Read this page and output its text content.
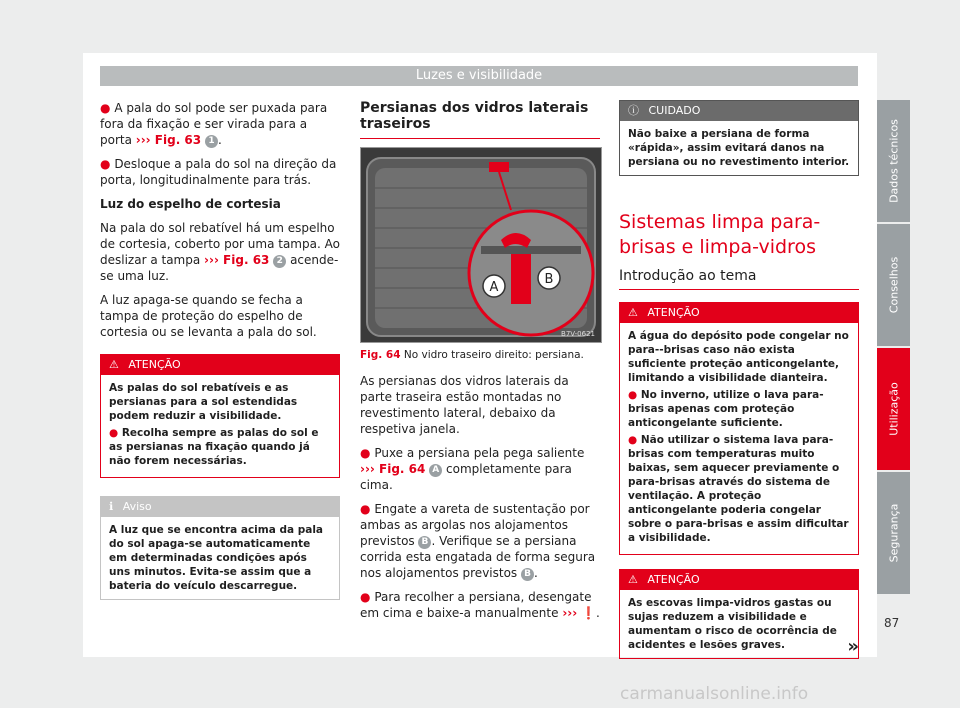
Luzes e visibilidade

● A pala do sol pode ser puxada para fora da fixação e ser virada para a porta ››› Fig. 63 1 .

● Desloque a pala do sol na direção da porta, longitudinalmente para trás.

Luz do espelho de cortesia

Na pala do sol rebatível há um espelho de cortesia, coberto por uma tampa. Ao deslizar a tampa ››› Fig. 63 2 acende-se uma luz.

A luz apaga-se quando se fecha a tampa de proteção do espelho de cortesia ou se levanta a pala do sol.

⚠ ATENÇÃO

As palas do sol rebatíveis e as persianas para a sol estendidas podem reduzir a visibilidade.

● Recolha sempre as palas do sol e as persianas na fixação quando já não forem necessárias.

ℹ Aviso
A luz que se encontra acima da pala do sol apaga-se automaticamente em determinadas condições após uns minutos. Evita-se assim que a bateria do veículo descarregue.
Persianas dos vidros laterais traseiros
A
B
B7V-0621
Fig. 64 No vidro traseiro direito: persiana.

As persianas dos vidros laterais da parte traseira estão montadas no revestimento lateral, debaixo da respetiva janela.

● Puxe a persiana pela pega saliente ››› Fig. 64 A completamente para cima.

● Engate a vareta de sustentação por ambas as argolas nos alojamentos previstos B . Verifique se a persiana corrida esta engatada de forma segura nos alojamentos previstos B .

● Para recolher a persiana, desengate em cima e baixe-a manualmente ››› ❗.

ⓘ CUIDADO
Não baixe a persiana de forma «rápida», assim evitará danos na persiana ou no revestimento interior.
Sistemas limpa para-brisas e limpa-vidros
Introdução ao tema
⚠ ATENÇÃO

A água do depósito pode congelar no para--brisas caso não exista suficiente proteção anticongelante, limitando a visibilidade dianteira.

● No inverno, utilize o lava para-brisas apenas com proteção anticongelante suficiente.

● Não utilizar o sistema lava para-brisas com temperaturas muito baixas, sem aquecer previamente o para-brisas através do sistema de ventilação. A proteção anticongelante poderia congelar sobre o para-brisas e assim dificultar a visibilidade.

⚠ ATENÇÃO
As escovas limpa-vidros gastas ou sujas reduzem a visibilidade e aumentam o risco de ocorrência de acidentes e lesões graves.	»
Dados técnicos
Conselhos
Utilização
Segurança
87
carmanualsonline.info
